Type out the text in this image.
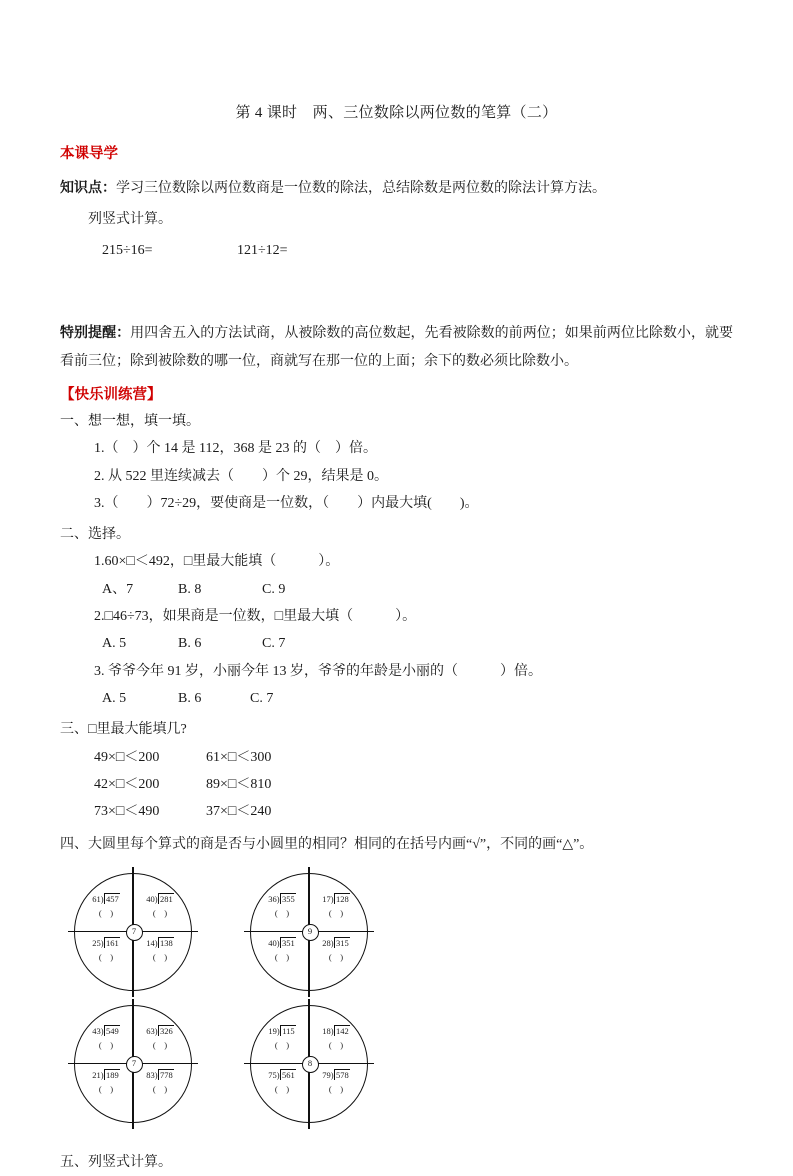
第 4 课时　两、三位数除以两位数的笔算（二）
本课导学

知识点：学习三位数除以两位数商是一位数的除法，总结除数是两位数的除法计算方法。

列竖式计算。

215÷16=	121÷12=

特别提醒：用四舍五入的方法试商，从被除数的高位数起，先看被除数的前两位；如果前两位比除数小，就要看前三位；除到被除数的哪一位，商就写在那一位的上面；余下的数必须比除数小。

【快乐训练营】

一、想一想，填一填。

1.（　）个 14 是 112，368 是 23 的（　）倍。

2. 从 522 里连续减去（　　）个 29，结果是 0。

3.（　　）72÷29，要使商是一位数，（　　）内最大填(　　)。

二、选择。

1.60×□＜492，□里最大能填（　　　）。

A、7	B. 8	C. 9

2.□46÷73，如果商是一位数，□里最大填（　　　）。

A. 5	B. 6	C. 7

3. 爷爷今年 91 岁，小丽今年 13 岁，爷爷的年龄是小丽的（　　　）倍。

A. 5	B. 6	C. 7

三、□里最大能填几?

49×□＜200	61×□＜300

42×□＜200	89×□＜810

73×□＜490	37×□＜240

四、大圆里每个算式的商是否与小圆里的相同？相同的在括号内画“√”，不同的画“△”。

61) 457
(　)
40) 281
(　)
25) 161
(　)
14) 138
(　)
7
36) 355
(　)
17) 128
(　)
40) 351
(　)
28) 315
(　)
9
43) 549
(　)
63) 326
(　)
21) 189
(　)
83) 778
(　)
7
19) 115
(　)
18) 142
(　)
75) 561
(　)
79) 578
(　)
8

五、列竖式计算。
